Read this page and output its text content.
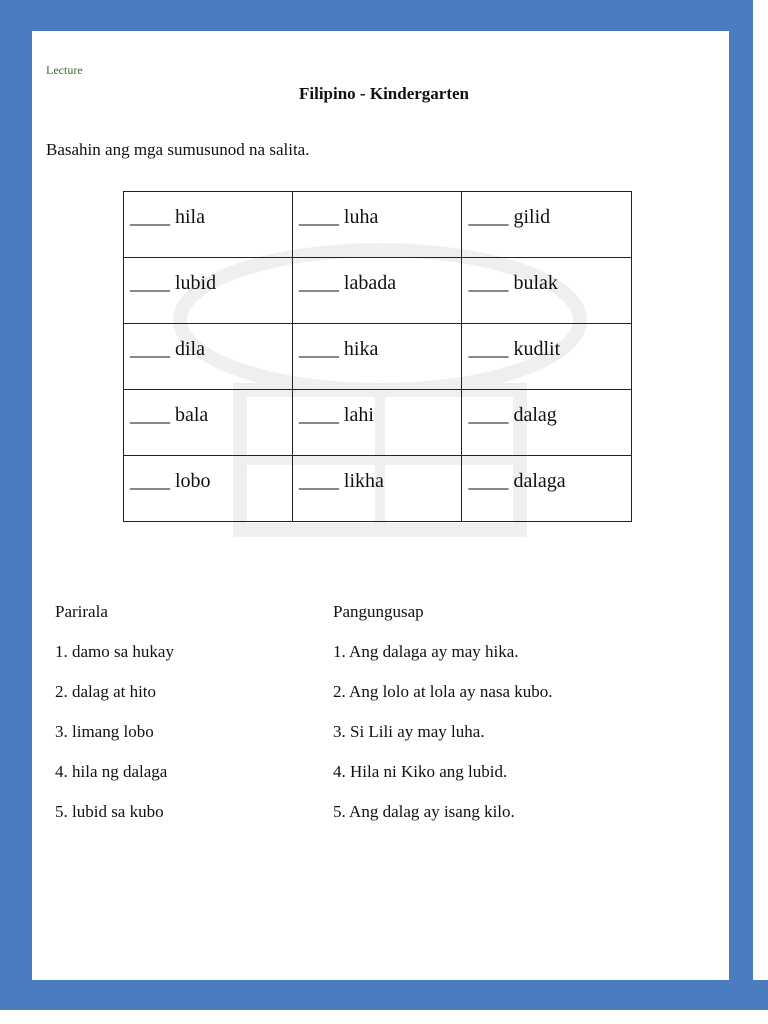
Lecture
Filipino - Kindergarten
Basahin ang mga sumusunod na salita.
____ hila	____ luha	____ gilid

____ lubid	____ labada	____ bulak

____ dila	____ hika	____ kudlit

____ bala	____ lahi	____ dalag

____ lobo	____ likha	____ dalaga
Parirala
1. damo sa hukay
2. dalag at hito
3. limang lobo
4. hila ng dalaga
5. lubid sa kubo
Pangungusap
1. Ang dalaga ay may hika.
2. Ang lolo at lola ay nasa kubo.
3. Si Lili ay may luha.
4. Hila ni Kiko ang lubid.
5. Ang dalag ay isang kilo.
